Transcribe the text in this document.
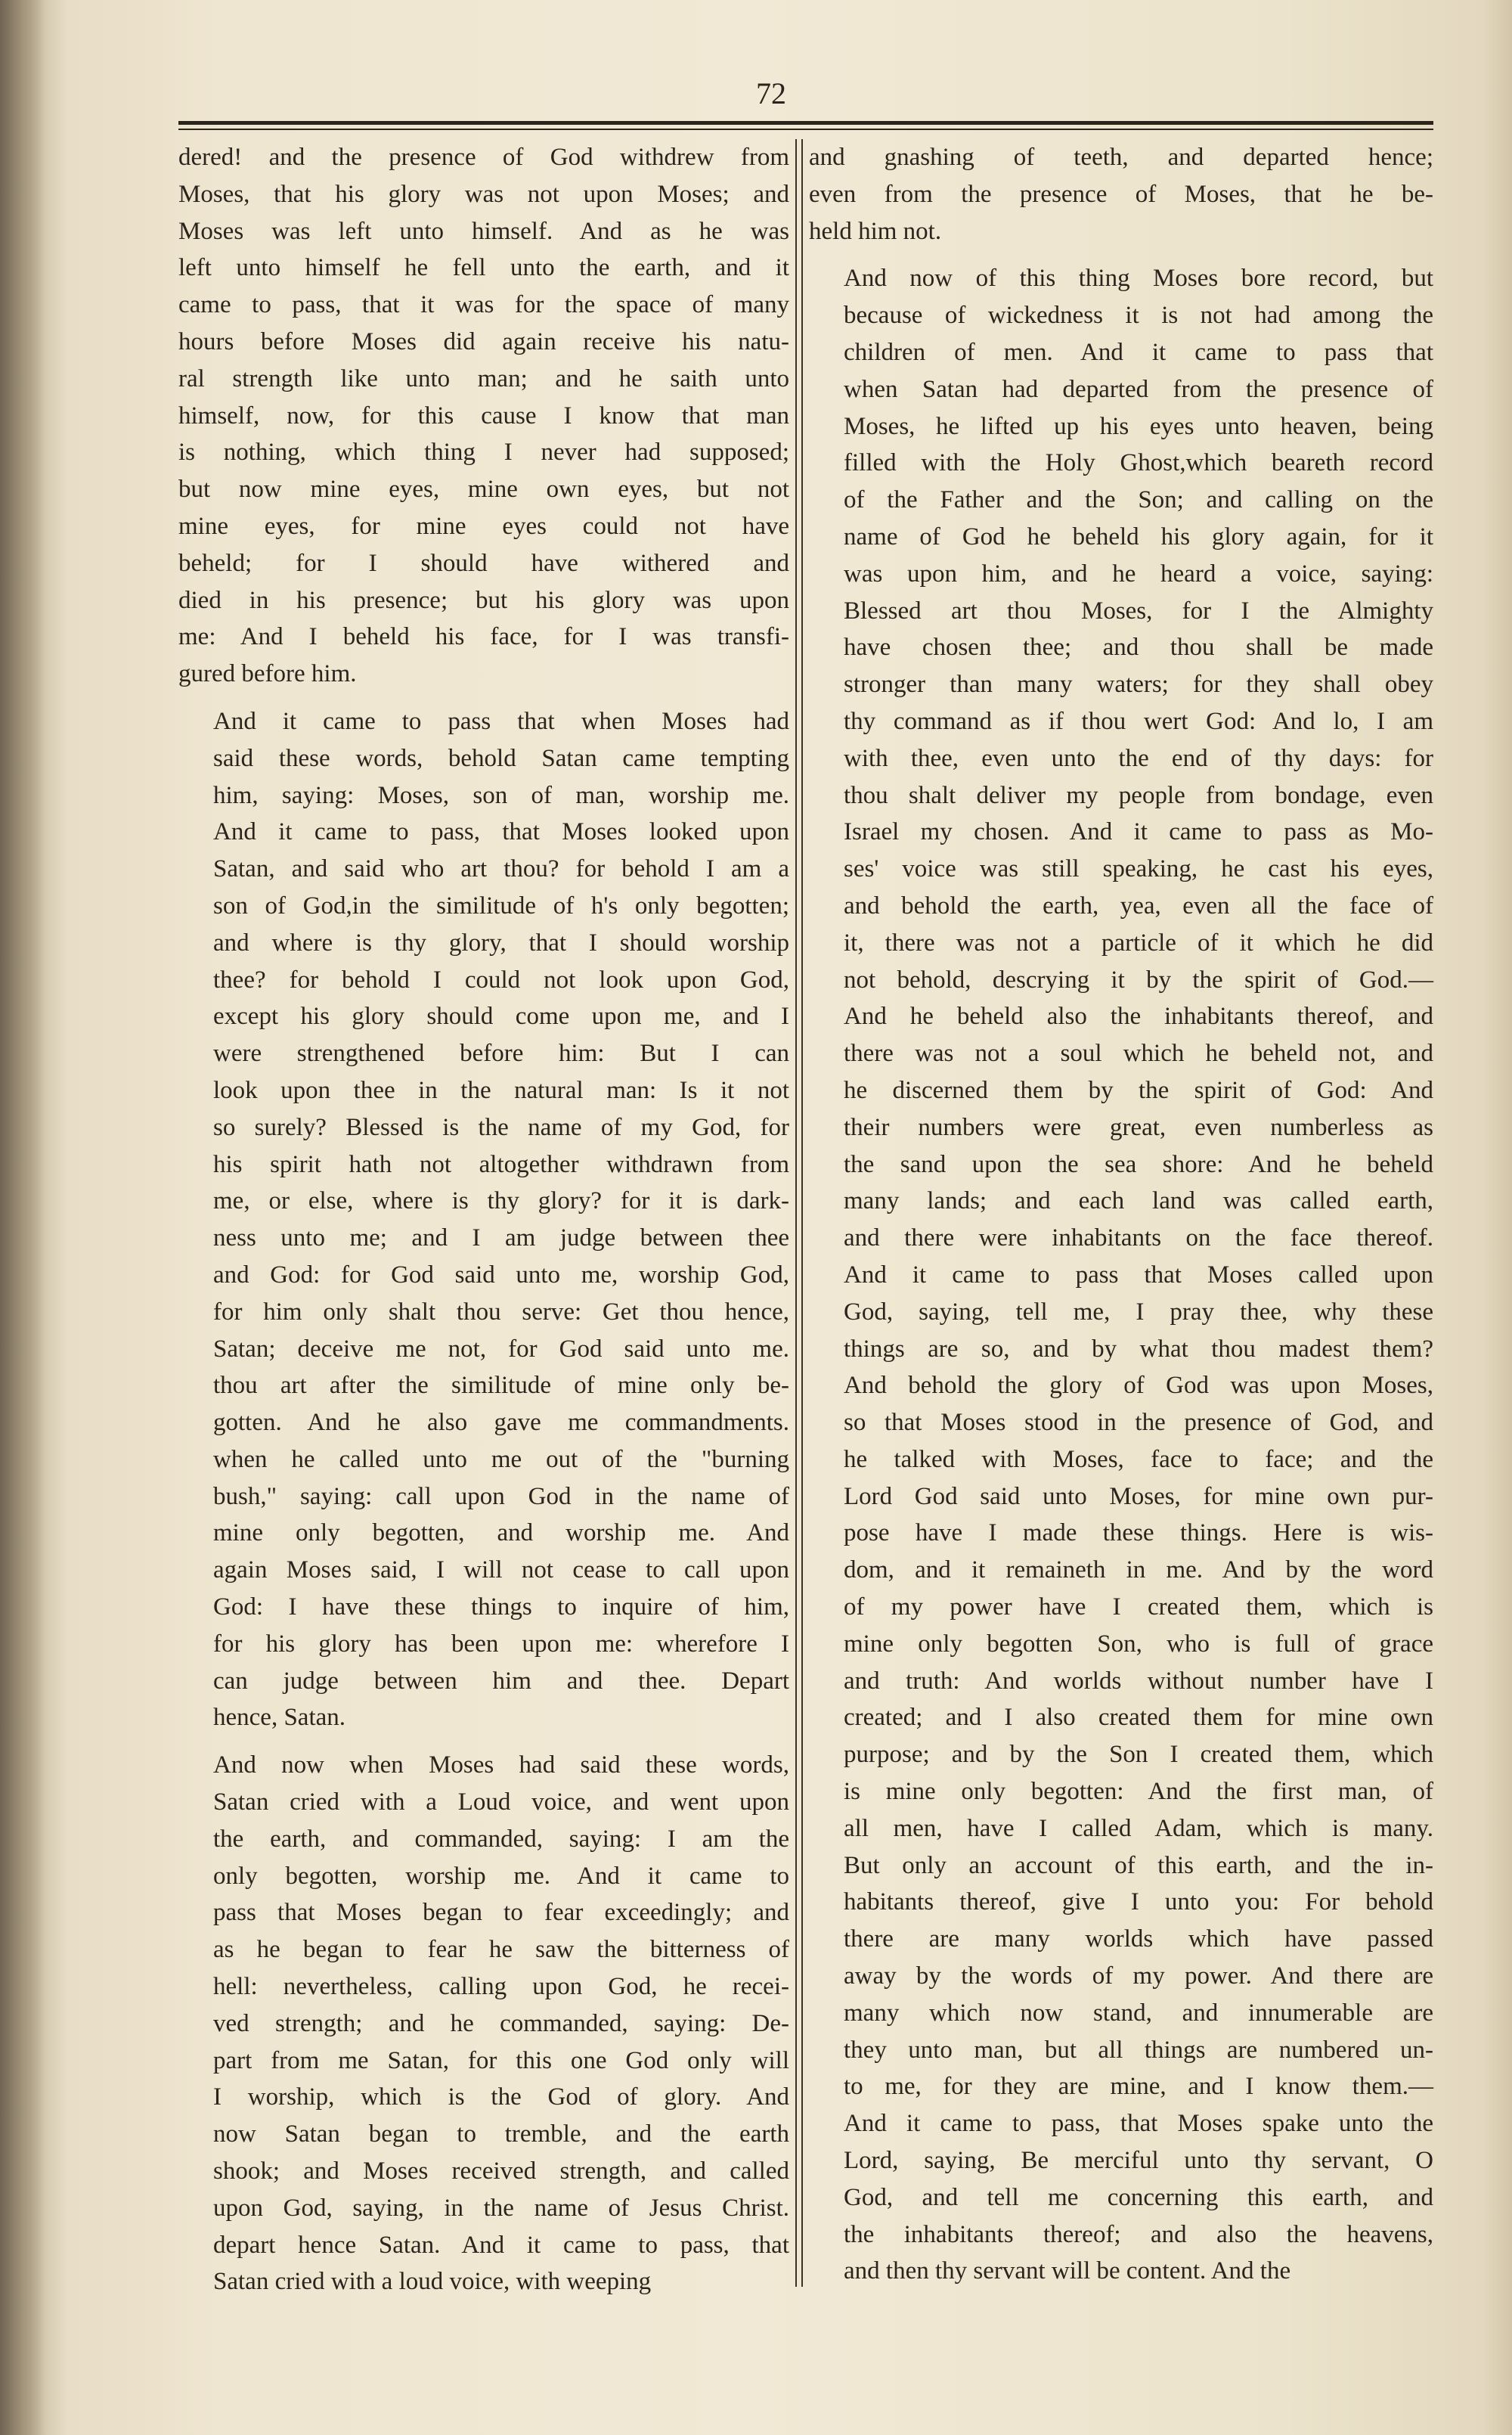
72

dered! and the presence of God withdrew from
Moses, that his glory was not upon Moses; and
Moses was left unto himself. And as he was
left unto himself he fell unto the earth, and it
came to pass, that it was for the space of many
hours before Moses did again receive his natu-
ral strength like unto man; and he saith unto
himself, now, for this cause I know that man
is nothing, which thing I never had supposed;
but now mine eyes, mine own eyes, but not
mine eyes, for mine eyes could not have
beheld; for I should have withered and
died in his presence; but his glory was upon
me: And I beheld his face, for I was transfi-
gured before him.

And it came to pass that when Moses had
said these words, behold Satan came tempting
him, saying: Moses, son of man, worship me.
And it came to pass, that Moses looked upon
Satan, and said who art thou? for behold I am a
son of God,in the similitude of h's only begotten;
and where is thy glory, that I should worship
thee? for behold I could not look upon God,
except his glory should come upon me, and I
were strengthened before him: But I can
look upon thee in the natural man: Is it not
so surely? Blessed is the name of my God, for
his spirit hath not altogether withdrawn from
me, or else, where is thy glory? for it is dark-
ness unto me; and I am judge between thee
and God: for God said unto me, worship God,
for him only shalt thou serve: Get thou hence,
Satan; deceive me not, for God said unto me.
thou art after the similitude of mine only be-
gotten. And he also gave me commandments.
when he called unto me out of the "burning
bush," saying: call upon God in the name of
mine only begotten, and worship me. And
again Moses said, I will not cease to call upon
God: I have these things to inquire of him,
for his glory has been upon me: wherefore I
can judge between him and thee. Depart
hence, Satan.

And now when Moses had said these words,
Satan cried with a Loud voice, and went upon
the earth, and commanded, saying: I am the
only begotten, worship me. And it came to
pass that Moses began to fear exceedingly; and
as he began to fear he saw the bitterness of
hell: nevertheless, calling upon God, he recei-
ved strength; and he commanded, saying: De-
part from me Satan, for this one God only will
I worship, which is the God of glory. And
now Satan began to tremble, and the earth
shook; and Moses received strength, and called
upon God, saying, in the name of Jesus Christ.
depart hence Satan. And it came to pass, that
Satan cried with a loud voice, with weeping

and gnashing of teeth, and departed hence;
even from the presence of Moses, that he be-
held him not.

And now of this thing Moses bore record, but
because of wickedness it is not had among the
children of men. And it came to pass that
when Satan had departed from the presence of
Moses, he lifted up his eyes unto heaven, being
filled with the Holy Ghost,which beareth record
of the Father and the Son; and calling on the
name of God he beheld his glory again, for it
was upon him, and he heard a voice, saying:
Blessed art thou Moses, for I the Almighty
have chosen thee; and thou shall be made
stronger than many waters; for they shall obey
thy command as if thou wert God: And lo, I am
with thee, even unto the end of thy days: for
thou shalt deliver my people from bondage, even
Israel my chosen. And it came to pass as Mo-
ses' voice was still speaking, he cast his eyes,
and behold the earth, yea, even all the face of
it, there was not a particle of it which he did
not behold, descrying it by the spirit of God.—
And he beheld also the inhabitants thereof, and
there was not a soul which he beheld not, and
he discerned them by the spirit of God: And
their numbers were great, even numberless as
the sand upon the sea shore: And he beheld
many lands; and each land was called earth,
and there were inhabitants on the face thereof.
And it came to pass that Moses called upon
God, saying, tell me, I pray thee, why these
things are so, and by what thou madest them?
And behold the glory of God was upon Moses,
so that Moses stood in the presence of God, and
he talked with Moses, face to face; and the
Lord God said unto Moses, for mine own pur-
pose have I made these things. Here is wis-
dom, and it remaineth in me. And by the word
of my power have I created them, which is
mine only begotten Son, who is full of grace
and truth: And worlds without number have I
created; and I also created them for mine own
purpose; and by the Son I created them, which
is mine only begotten: And the first man, of
all men, have I called Adam, which is many.
But only an account of this earth, and the in-
habitants thereof, give I unto you: For behold
there are many worlds which have passed
away by the words of my power. And there are
many which now stand, and innumerable are
they unto man, but all things are numbered un-
to me, for they are mine, and I know them.—
And it came to pass, that Moses spake unto the
Lord, saying, Be merciful unto thy servant, O
God, and tell me concerning this earth, and
the inhabitants thereof; and also the heavens,
and then thy servant will be content. And the
